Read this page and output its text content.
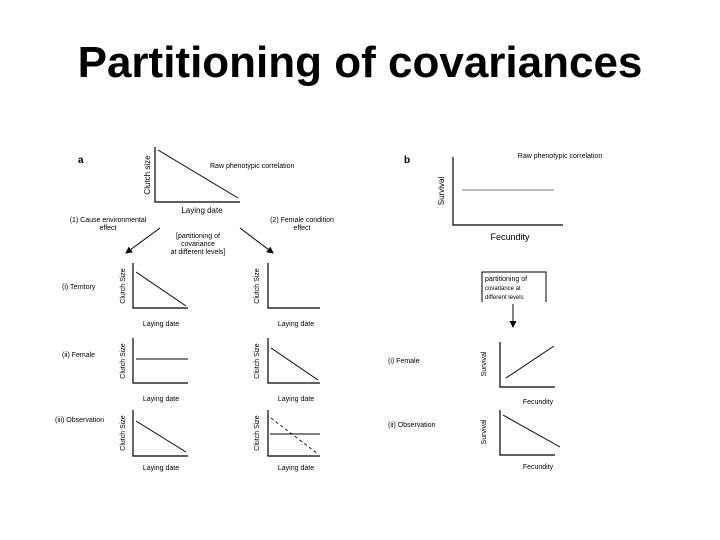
Partitioning of covariances
a	Clutch size
Laying date
Raw phenotypic correlation
(1) Cause environmental
effect
(2) Female condition
effect
[partitioning of
covariance
at different levels]
(i) Territory	Clutch Size
Laying date
Clutch Size
Laying date
(ii) Female	Clutch Size
Laying date
Clutch Size
Laying date
(iii) Observation Clutch Size
Laying date
Clutch Size
Laying date
b
Survival
Fecundity
Raw phenotypic correlation
partitioning of
covariance at
different levels
(i) Female	Survival
Fecundity
(ii) Observation	Survival
Fecundity
